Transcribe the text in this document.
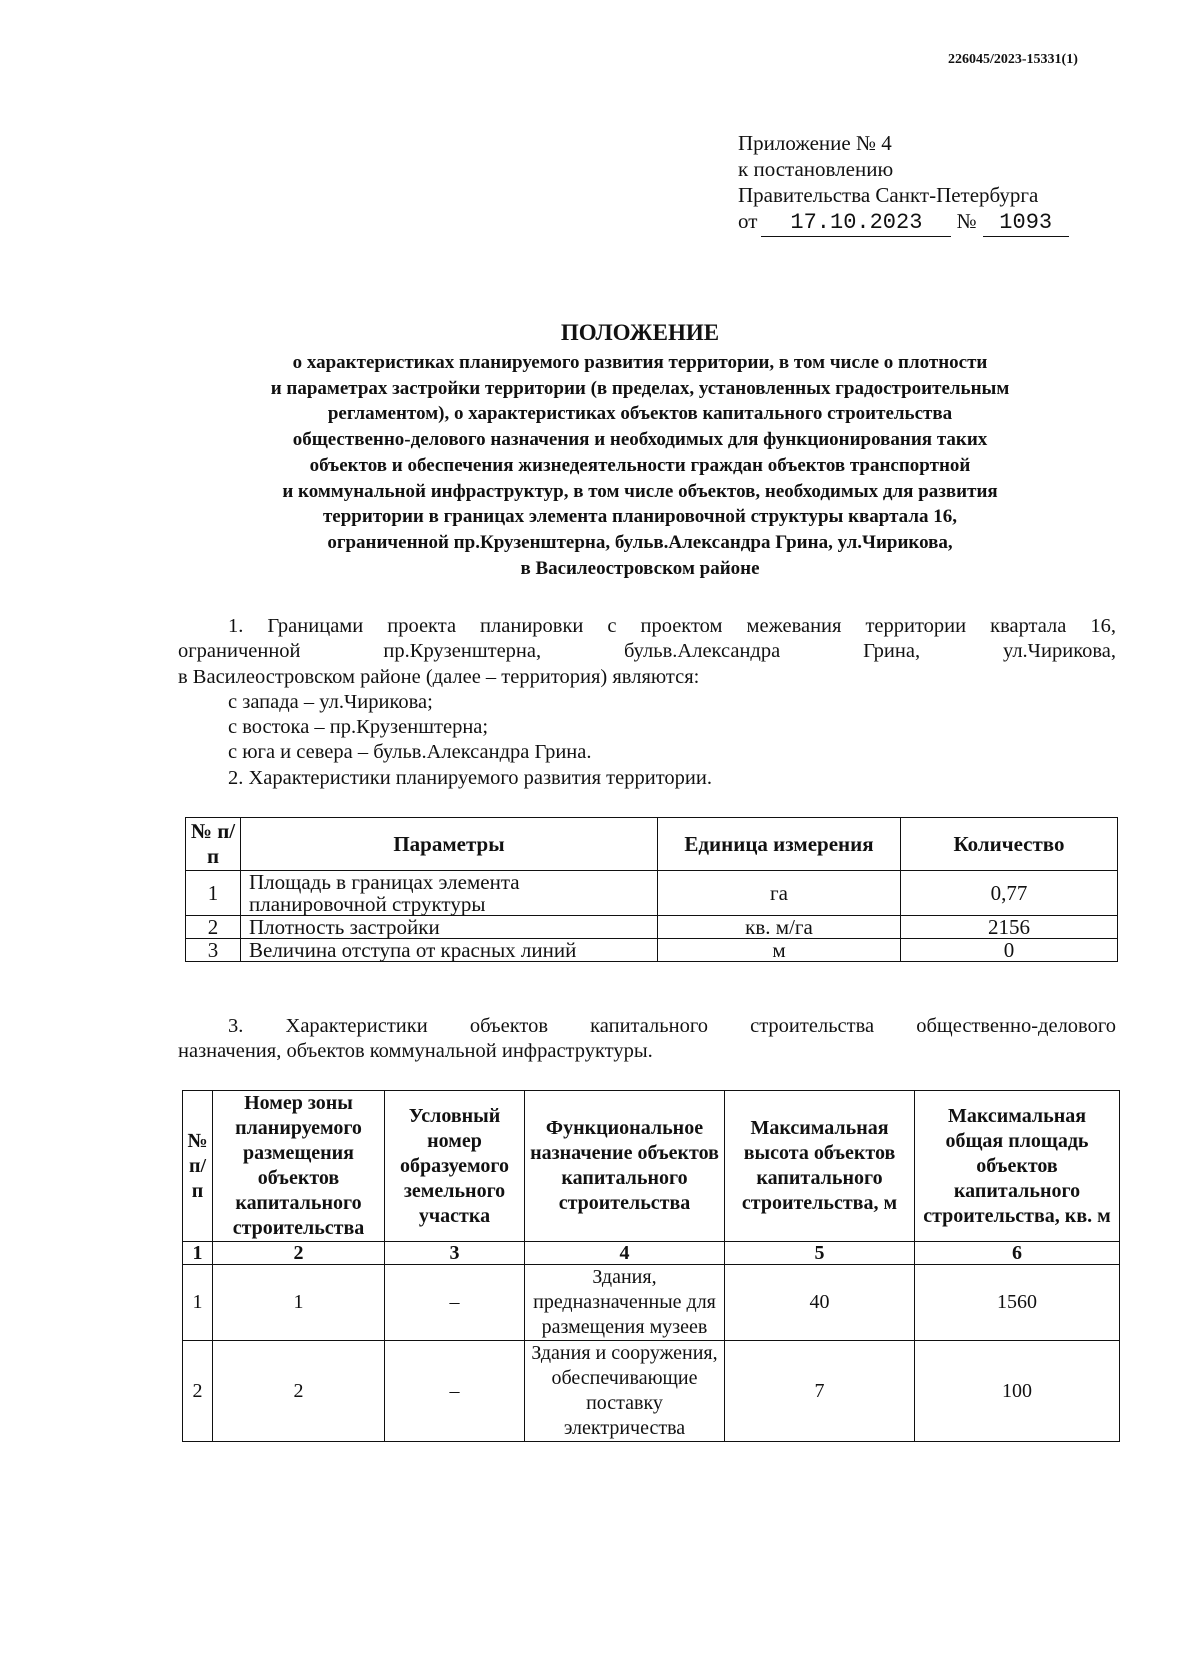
226045/2023-15331(1)
Приложение № 4
к постановлению
Правительства Санкт-Петербурга
от 17.10.2023 № 1093
ПОЛОЖЕНИЕ
о характеристиках планируемого развития территории, в том числе о плотности
и параметрах застройки территории (в пределах, установленных градостроительным
регламентом), о характеристиках объектов капитального строительства
общественно-делового назначения и необходимых для функционирования таких
объектов и обеспечения жизнедеятельности граждан объектов транспортной
и коммунальной инфраструктур, в том числе объектов, необходимых для развития
территории в границах элемента планировочной структуры квартала 16,
ограниченной пр.Крузенштерна, бульв.Александра Грина, ул.Чирикова,
в Василеостровском районе
1. Границами проекта планировки с проектом межевания территории квартала 16,
ограниченной пр.Крузенштерна, бульв.Александра Грина, ул.Чирикова,
в Василеостровском районе (далее – территория) являются:
с запада – ул.Чирикова;
с востока – пр.Крузенштерна;
с юга и севера – бульв.Александра Грина.
2. Характеристики планируемого развития территории.
№ п/п	Параметры	Единица измерения	Количество
1	Площадь в границах элемента планировочной структуры	га	0,77
2	Плотность застройки	кв. м/га	2156
3	Величина отступа от красных линий	м	0
3. Характеристики объектов капитального строительства общественно-делового
назначения, объектов коммунальной инфраструктуры.
№ п/п	Номер зоны планируемого размещения объектов капитального строительства	Условный номер образуемого земельного участка	Функциональное назначение объектов капитального строительства	Максимальная высота объектов капитального строительства, м	Максимальная общая площадь объектов капитального строительства, кв. м
1	2	3	4	5	6
1	1	–	Здания, предназначенные для размещения музеев	40	1560
2	2	–	Здания и сооружения, обеспечивающие поставку электричества	7	100
